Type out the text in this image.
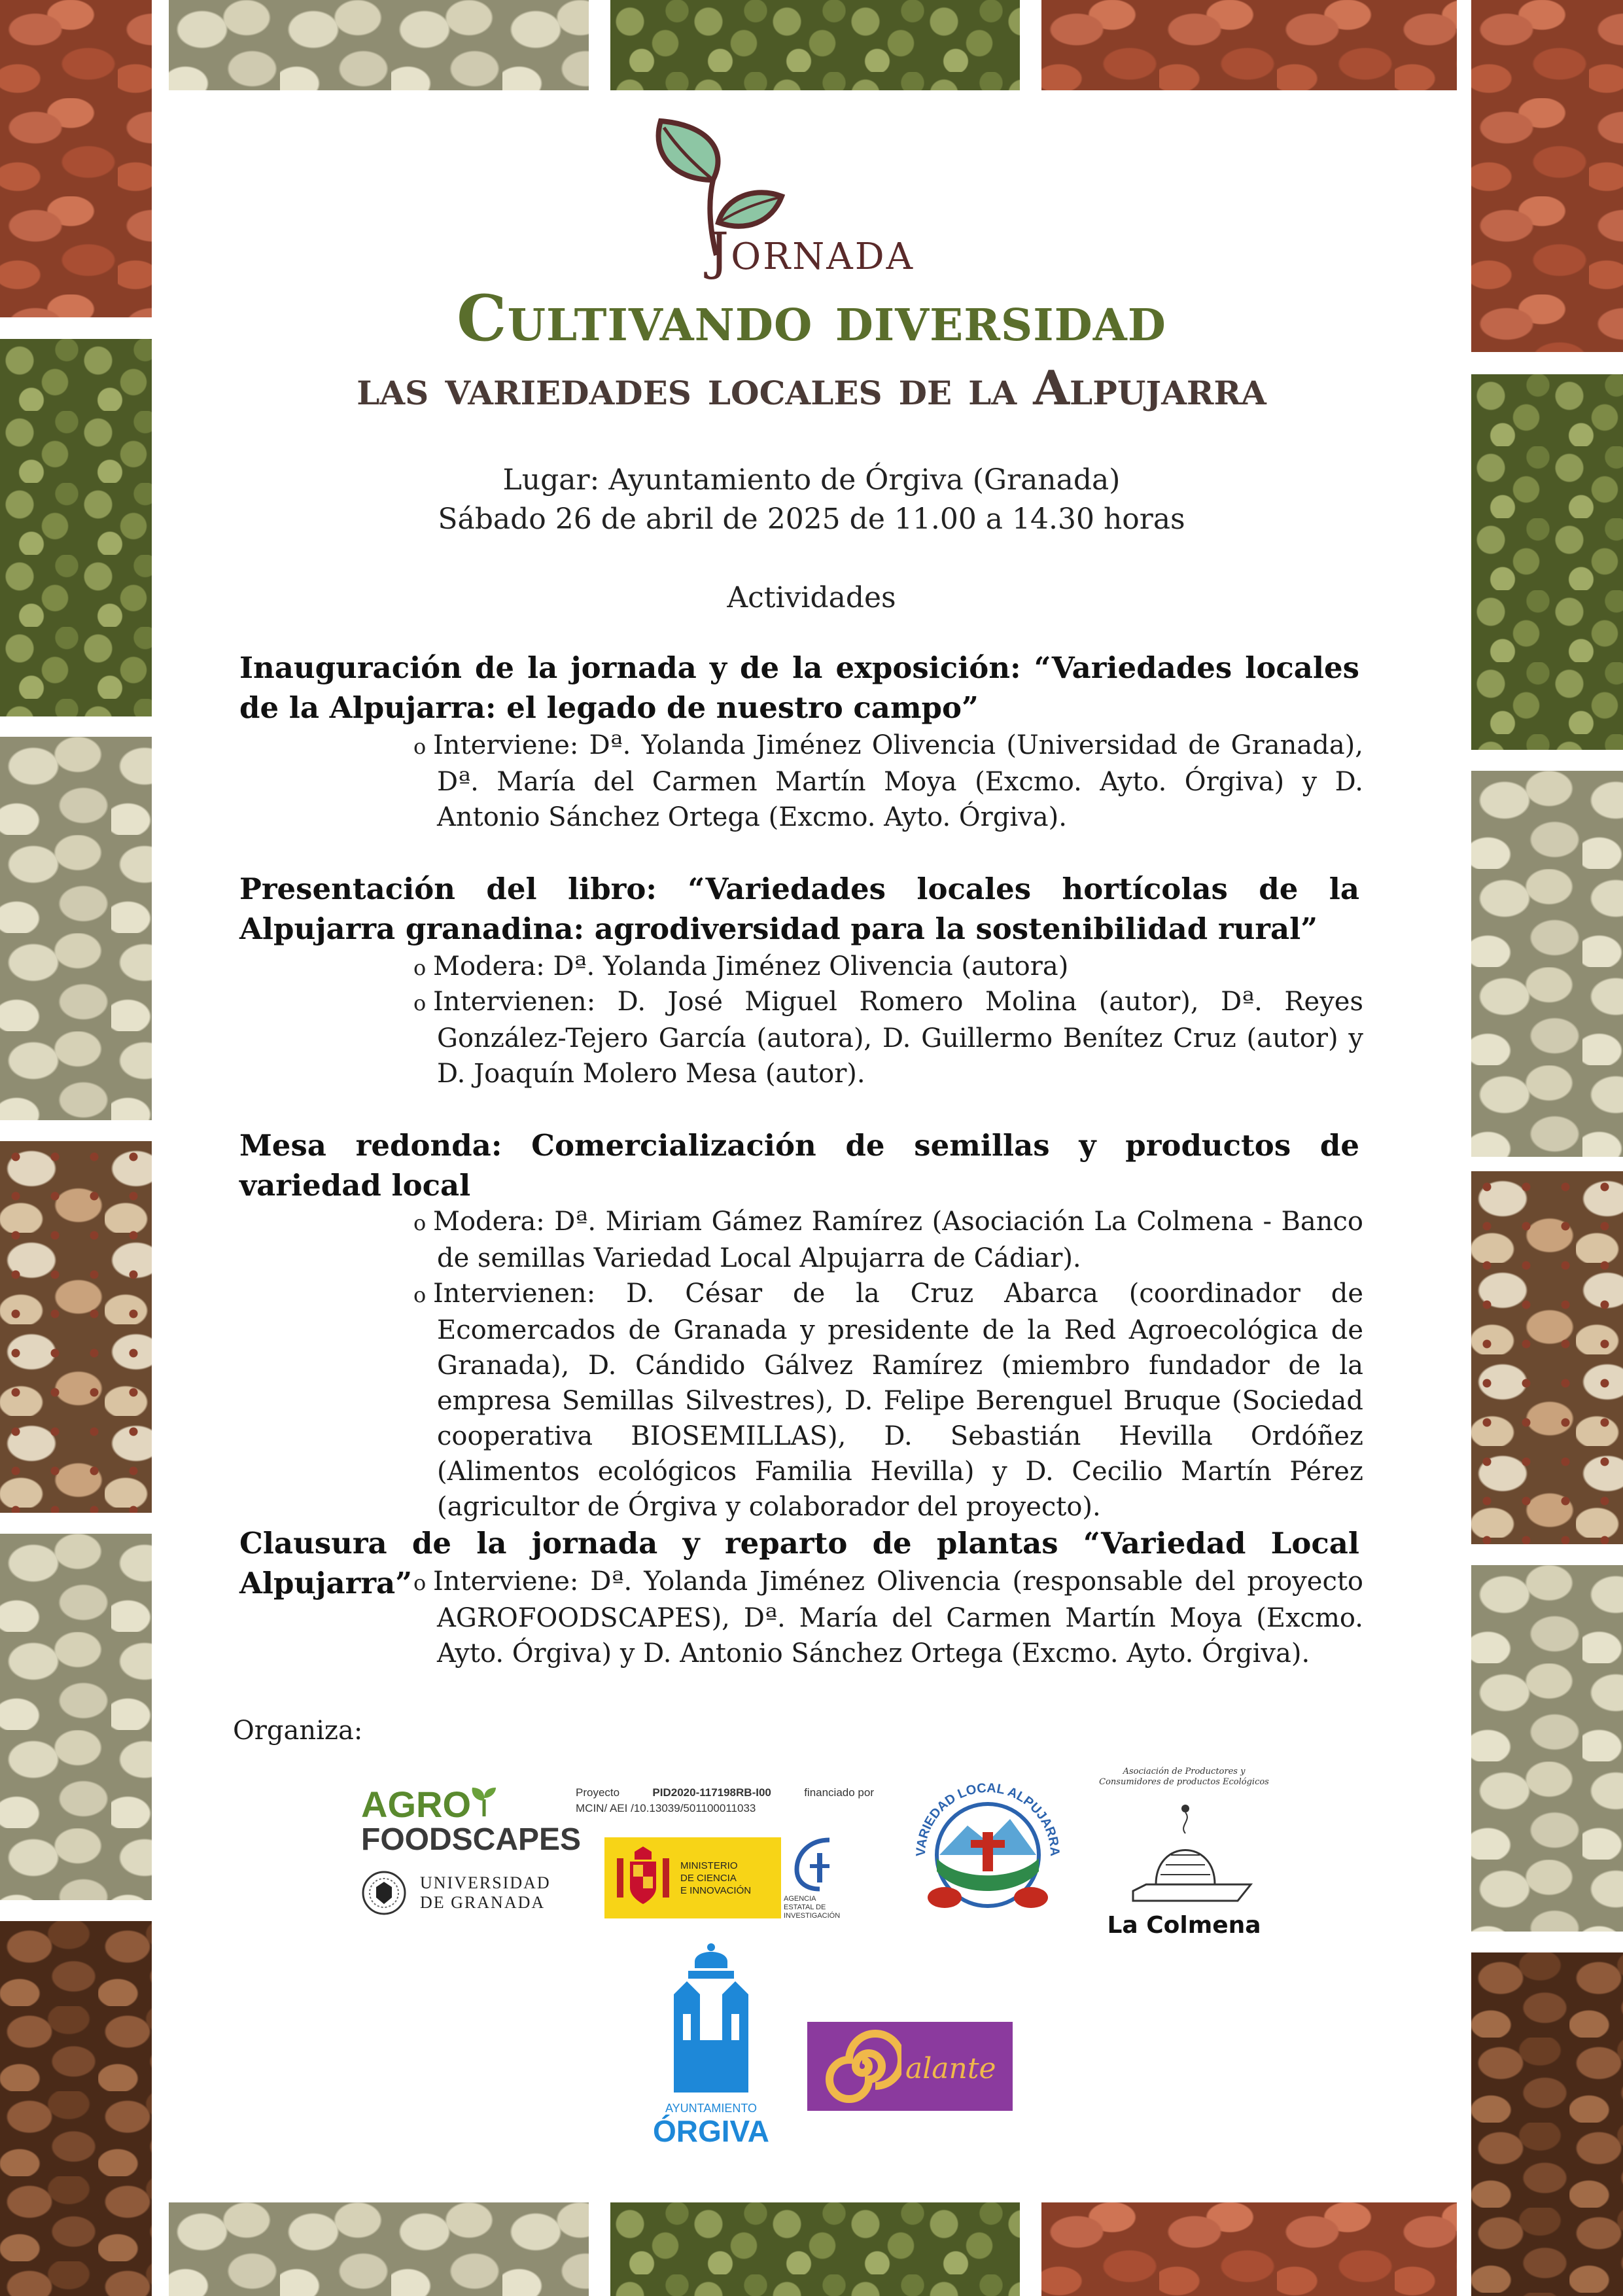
JORNADA
Cultivando diversidad
las variedades locales de la Alpujarra
Lugar: Ayuntamiento de Órgiva (Granada)
Sábado 26 de abril de 2025 de 11.00 a 14.30 horas
Actividades
Inauguración de la jornada y de la exposición: “Variedades locales de la Alpujarra: el legado de nuestro campo”
o Interviene: Dª. Yolanda Jiménez Olivencia (Universidad de Granada), Dª. María del Carmen Martín Moya (Excmo. Ayto. Órgiva) y D. Antonio Sánchez Ortega (Excmo. Ayto. Órgiva).
Presentación del libro: “Variedades locales hortícolas de la Alpujarra granadina: agrodiversidad para la sostenibilidad rural”
o Modera: Dª. Yolanda Jiménez Olivencia (autora)
o Intervienen: D. José Miguel Romero Molina (autor), Dª. Reyes González-Tejero García (autora), D. Guillermo Benítez Cruz (autor) y D. Joaquín Molero Mesa (autor).
Mesa redonda: Comercialización de semillas y productos de variedad local
o Modera: Dª. Miriam Gámez Ramírez (Asociación La Colmena - Banco de semillas Variedad Local Alpujarra de Cádiar).
o Intervienen: D. César de la Cruz Abarca (coordinador de Ecomercados de Granada y presidente de la Red Agroecológica de Granada), D. Cándido Gálvez Ramírez (miembro fundador de la empresa Semillas Silvestres), D. Felipe Berenguel Bruque (Sociedad cooperativa BIOSEMILLAS), D. Sebastián Hevilla Ordóñez (Alimentos ecológicos Familia Hevilla) y D. Cecilio Martín Pérez (agricultor de Órgiva y colaborador del proyecto).
Clausura de la jornada y reparto de plantas “Variedad Local Alpujarra” o Interviene: Dª. Yolanda Jiménez Olivencia (responsable del proyecto AGROFOODSCAPES), Dª. María del Carmen Martín Moya (Excmo. Ayto. Órgiva) y D. Antonio Sánchez Ortega (Excmo. Ayto. Órgiva).
Organiza:
AGRO
FOODSCAPES
UNIVERSIDAD
DE GRANADA
Proyecto	PID2020-117198RB-I00	financiado por
MCIN/ AEI /10.13039/501100011033
MINISTERIO
DE CIENCIA
E INNOVACIÓN
AGENCIA
ESTATAL DE
INVESTIGACIÓN
VARIEDAD LOCAL ALPUJARRA
Asociación de Productores y Consumidores de productos Ecológicos
La Colmena
AYUNTAMIENTO
ÓRGIVA
alante
